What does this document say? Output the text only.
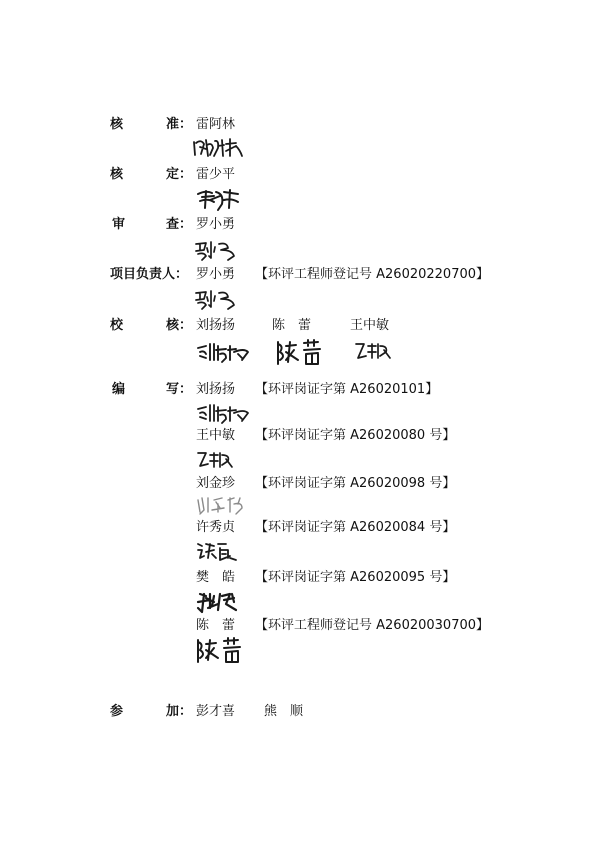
核	准： 雷阿林
核	定： 雷少平
审	查： 罗小勇
项目负责人： 罗小勇 【环评工程师登记号 A26020220700】
校	核： 刘扬扬	陈　蕾	王中敏
编	写： 刘扬扬 【环评岗证字第 A26020101】
王中敏 【环评岗证字第 A26020080 号】
刘金珍 【环评岗证字第 A26020098 号】
许秀贞 【环评岗证字第 A26020084 号】
樊　皓 【环评岗证字第 A26020095 号】
陈　蕾 【环评工程师登记号 A26020030700】
参	加： 彭才喜 熊　顺
